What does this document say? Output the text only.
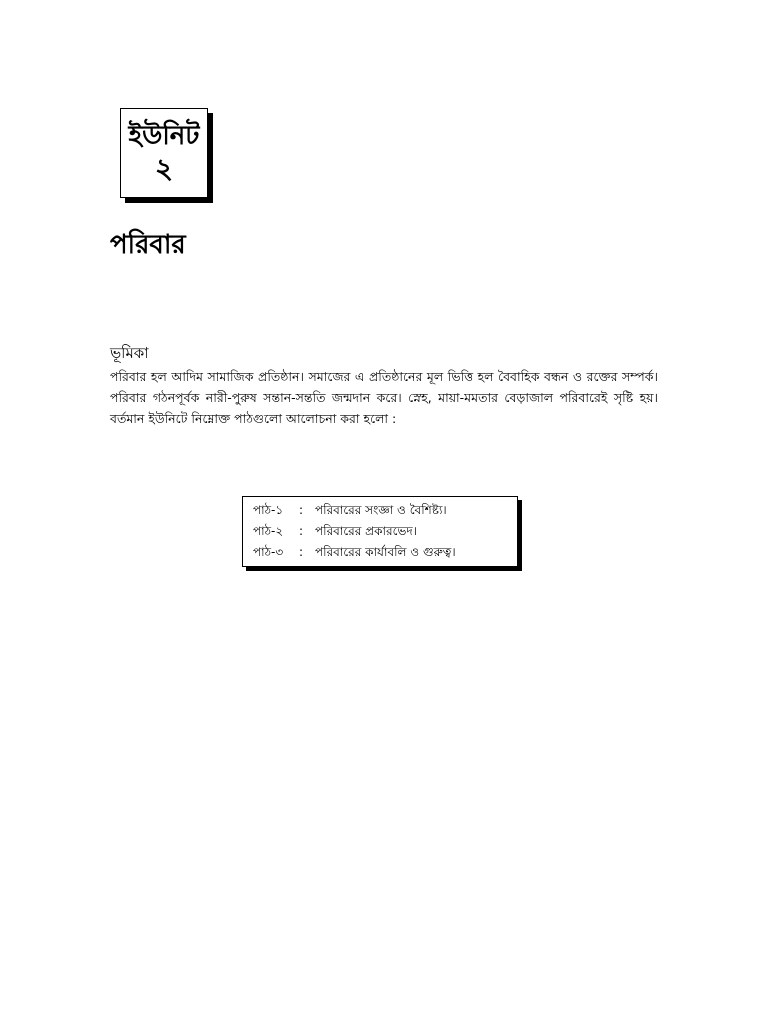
ইউনিট
২
পরিবার
ভূমিকা
পরিবার হল আদিম সামাজিক প্রতিষ্ঠান। সমাজের এ প্রতিষ্ঠানের মূল ভিত্তি হল বৈবাহিক বন্ধন ও রক্তের সম্পর্ক। পরিবার গঠনপূর্বক নারী-পুরুষ সন্তান-সন্ততি জন্মদান করে। স্নেহ, মায়া-মমতার বেড়াজাল পরিবারেই সৃষ্টি হয়। বর্তমান ইউনিটে নিম্নোক্ত পাঠগুলো আলোচনা করা হলো :
পাঠ-১	: পরিবারের সংজ্ঞা ও বৈশিষ্ট্য।
পাঠ-২	: পরিবারের প্রকারভেদ।
পাঠ-৩	: পরিবারের কার্যাবলি ও গুরুত্ব।
